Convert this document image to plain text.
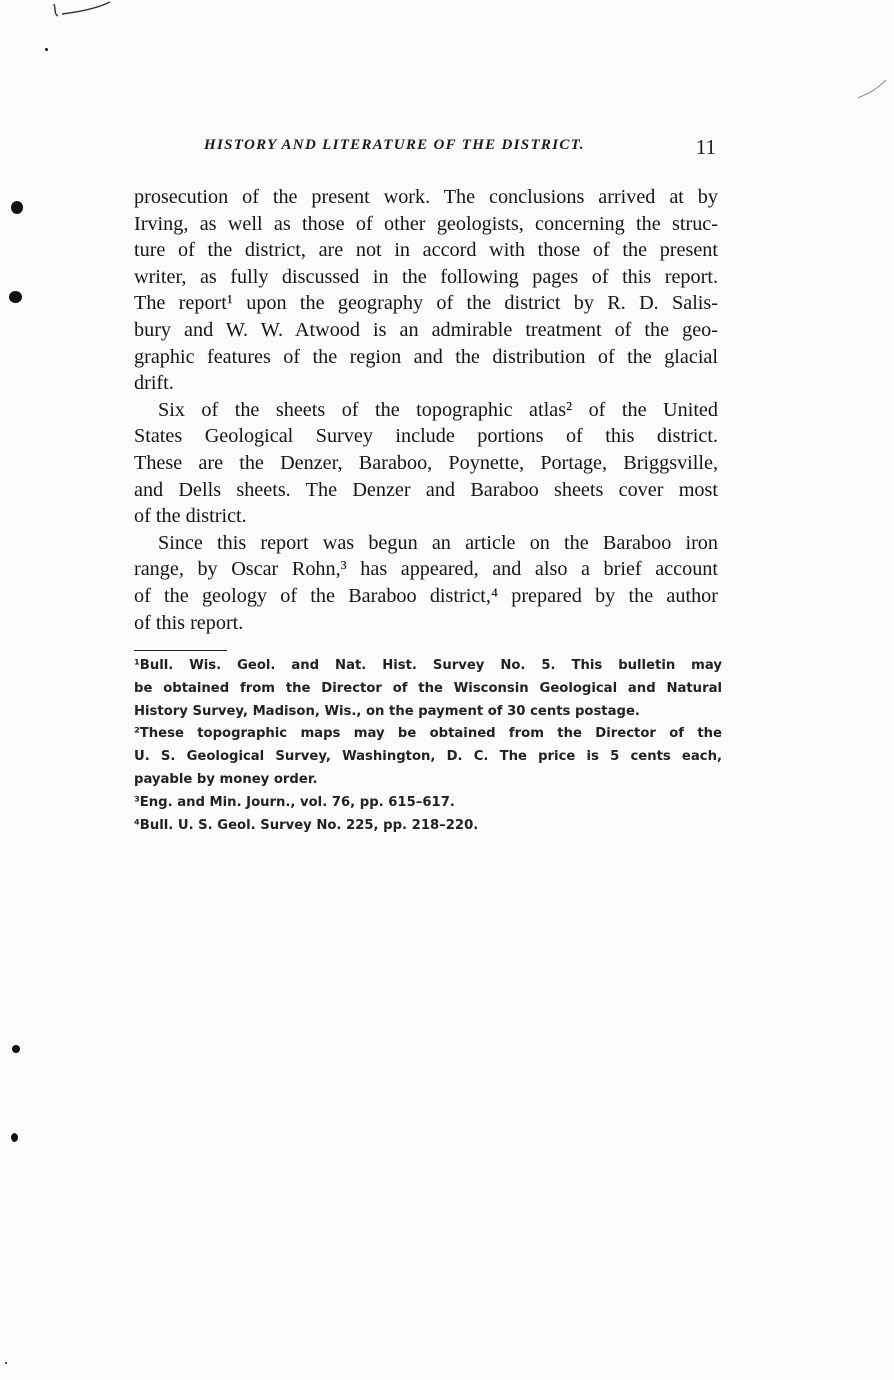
HISTORY AND LITERATURE OF THE DISTRICT.	11
prosecution of the present work. The conclusions arrived at by
Irving, as well as those of other geologists, concerning the struc-
ture of the district, are not in accord with those of the present
writer, as fully discussed in the following pages of this report.
The report¹ upon the geography of the district by R. D. Salis-
bury and W. W. Atwood is an admirable treatment of the geo-
graphic features of the region and the distribution of the glacial
drift.
Six of the sheets of the topographic atlas² of the United
States Geological Survey include portions of this district.
These are the Denzer, Baraboo, Poynette, Portage, Briggsville,
and Dells sheets. The Denzer and Baraboo sheets cover most
of the district.
Since this report was begun an article on the Baraboo iron
range, by Oscar Rohn,³ has appeared, and also a brief account
of the geology of the Baraboo district,⁴ prepared by the author
of this report.
¹Bull. Wis. Geol. and Nat. Hist. Survey No. 5. This bulletin may
be obtained from the Director of the Wisconsin Geological and Natural
History Survey, Madison, Wis., on the payment of 30 cents postage.
²These topographic maps may be obtained from the Director of the
U. S. Geological Survey, Washington, D. C. The price is 5 cents each,
payable by money order.
³Eng. and Min. Journ., vol. 76, pp. 615–617.
⁴Bull. U. S. Geol. Survey No. 225, pp. 218–220.
